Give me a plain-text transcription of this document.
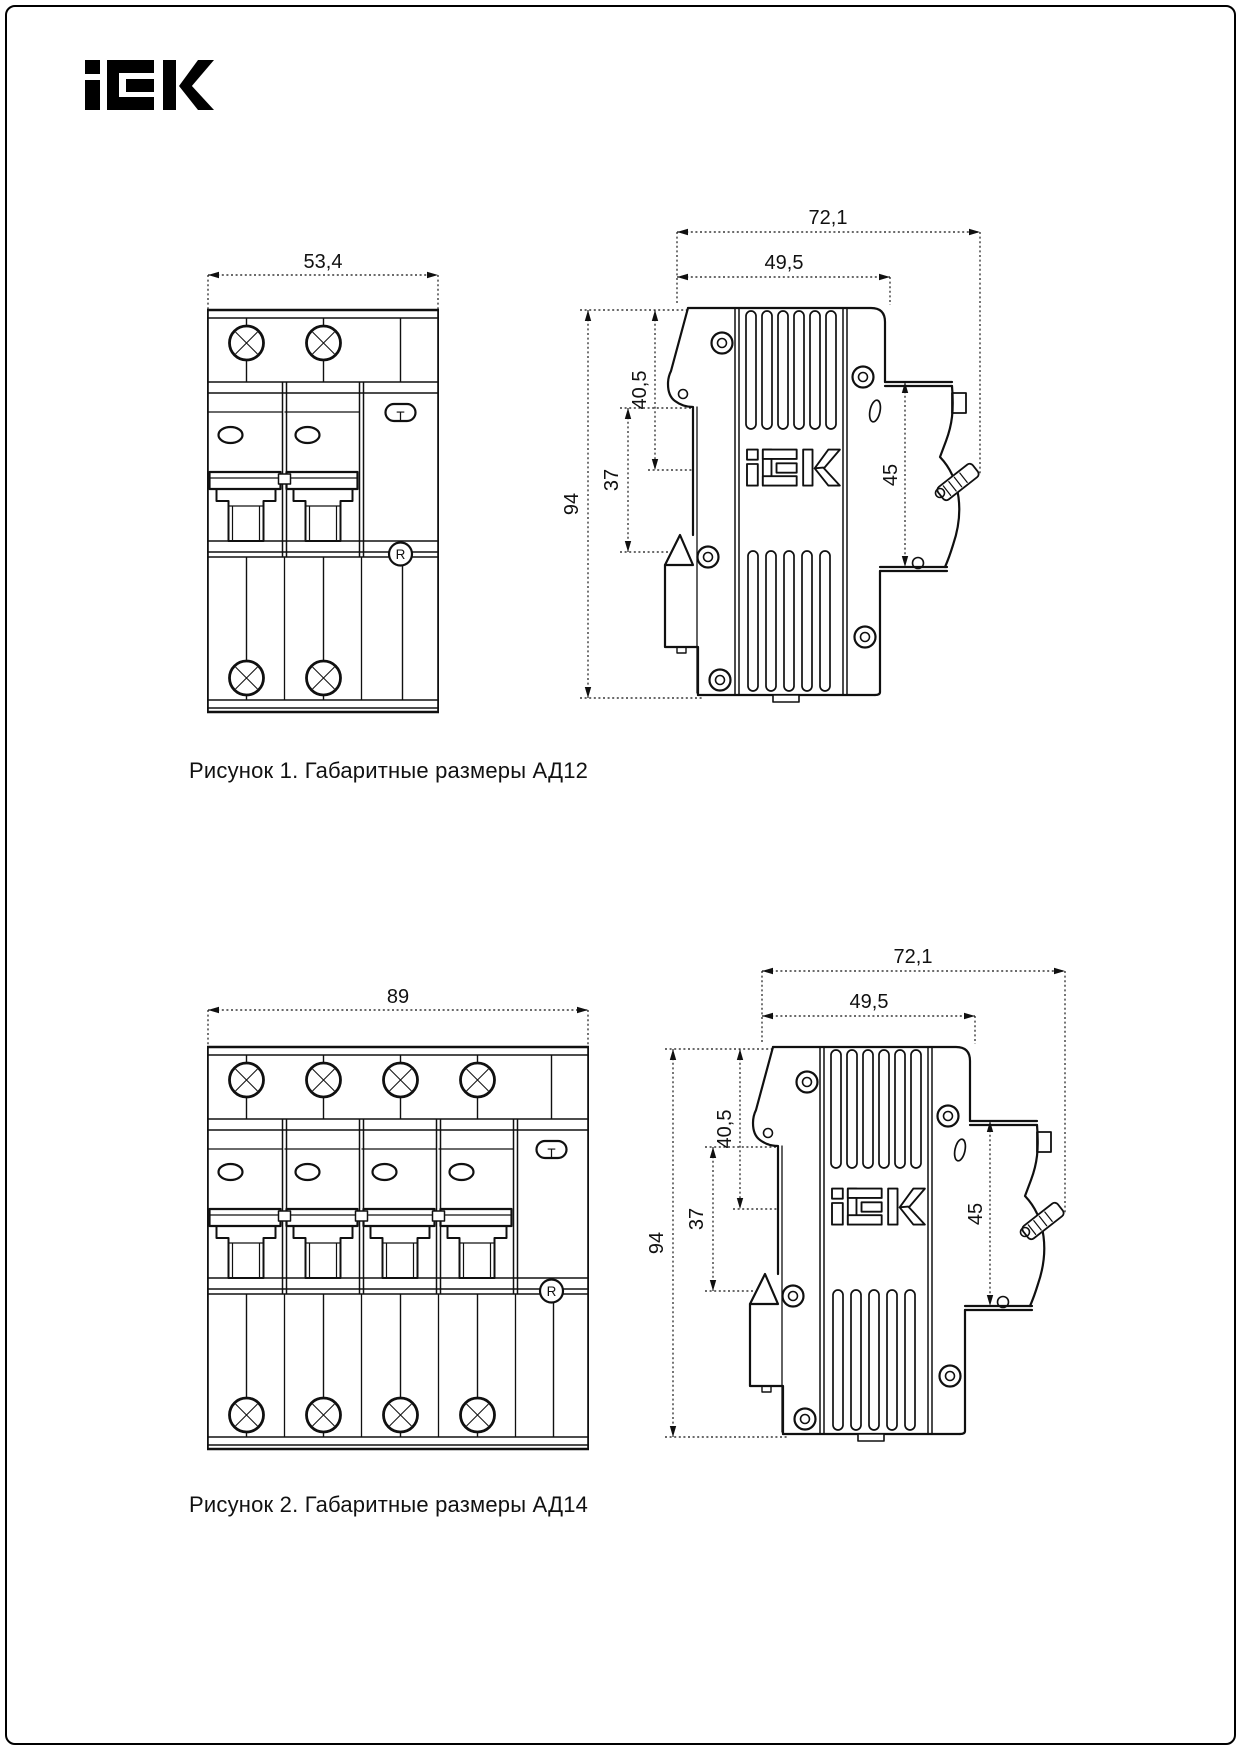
53,4
T
R
72,1
49,5
94
37
40,5
45
Рисунок 1. Габаритные размеры АД12
89
T
R
72,1
49,5
94
37
40,5
45
Рисунок 2. Габаритные размеры АД14
